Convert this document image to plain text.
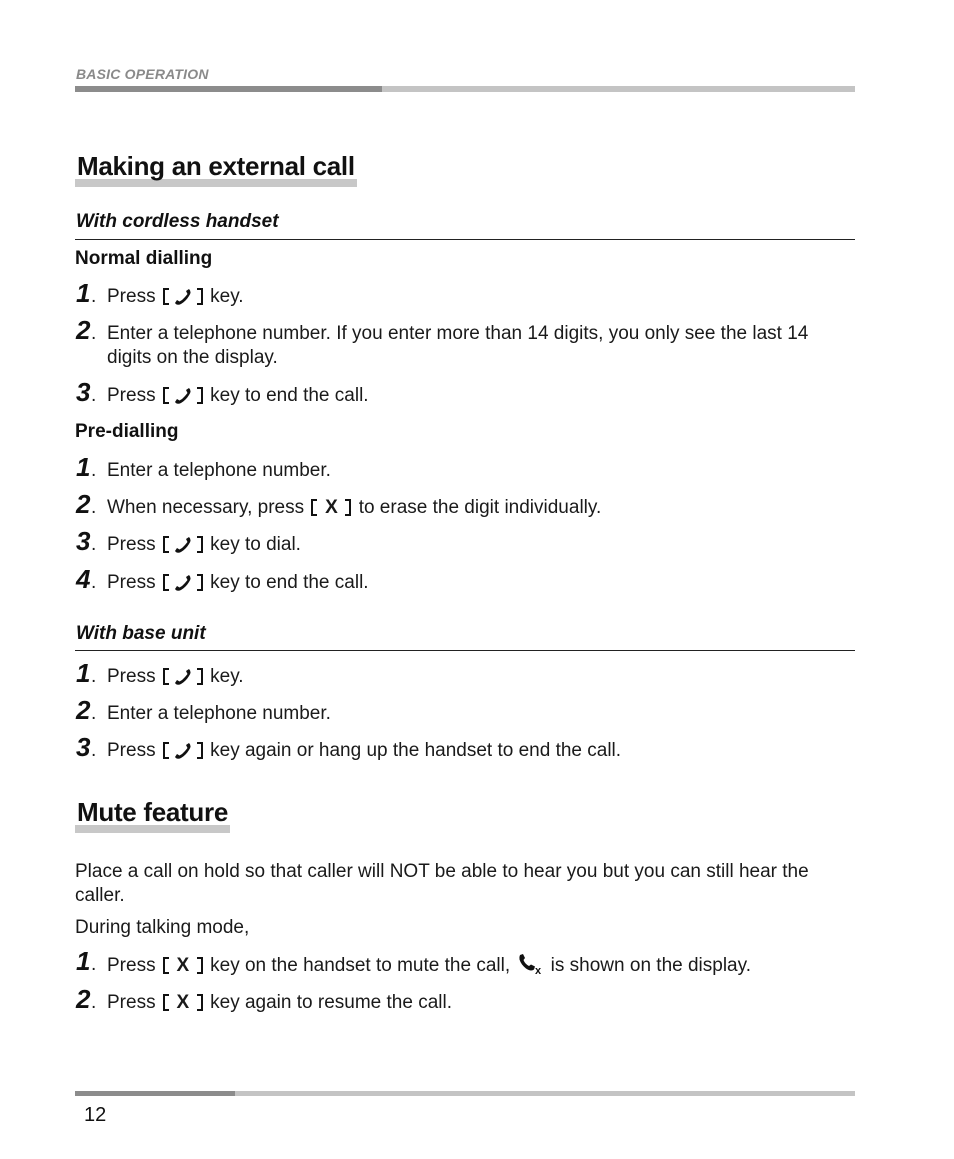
BASIC OPERATION
Making an external call
With cordless handset
Normal dialling
1 . Press	key.
2 . Enter a telephone number. If you enter more than 14 digits, you only see the last 14 digits on the display.
3 . Press	key to end the call.
Pre-dialling
1 . Enter a telephone number.
2 . When necessary, press	X	to erase the digit individually.
3 . Press	key to dial.
4 . Press	key to end the call.
With base unit
1 . Press	key.
2 . Enter a telephone number.
3 . Press	key again or hang up the handset to end the call.
Mute feature
Place a call on hold so that caller will NOT be able to hear you but you can still hear the caller.
During talking mode,
1 . Press	X	key on the handset to mute the call, x is shown on the display.
2 . Press	X	key again to resume the call.
12
